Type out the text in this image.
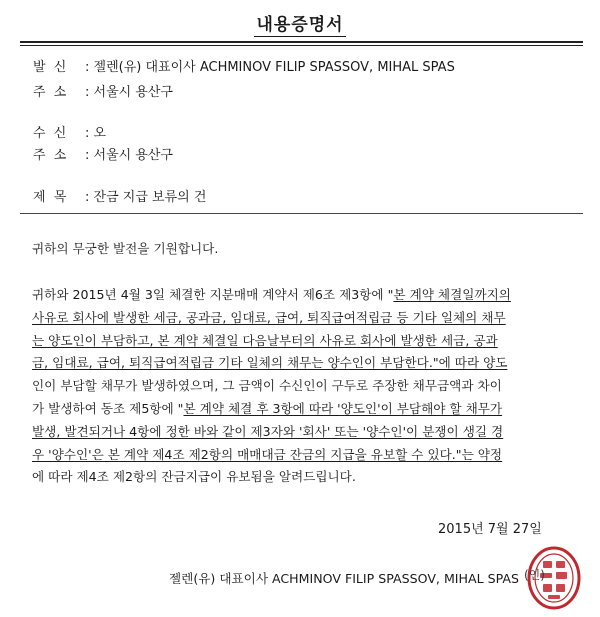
내용증명서
발 신 : 젤렌(유) 대표이사 ACHMINOV FILIP SPASSOV, MIHAL SPAS
주 소 : 서울시 용산구
수 신 : 오
주 소 : 서울시 용산구
제 목 : 잔금 지급 보류의 건
귀하의 무궁한 발전을 기원합니다.
귀하와 2015년 4월 3일 체결한 지분매매 계약서 제6조 제3항에 "본 계약 체결일까지의
사유로 회사에 발생한 세금, 공과금, 임대료, 급여, 퇴직급여적립금 등 기타 일체의 채무
는 양도인이 부담하고, 본 계약 체결일 다음날부터의 사유로 회사에 발생한 세금, 공과
금, 임대료, 급여, 퇴직급여적립금 기타 일체의 채무는 양수인이 부담한다."에 따라 양도
인이 부담할 채무가 발생하였으며, 그 금액이 수신인이 구두로 주장한 채무금액과 차이
가 발생하여 동조 제5항에 "본 계약 체결 후 3항에 따라 '양도인'이 부담해야 할 채무가
발생, 발견되거나 4항에 정한 바와 같이 제3자와 '회사' 또는 '양수인'이 분쟁이 생길 경
우 '양수인'은 본 계약 제4조 제2항의 매매대금 잔금의 지급을 유보할 수 있다."는 약정
에 따라 제4조 제2항의 잔금지급이 유보됨을 알려드립니다.
2015년 7월 27일
젤렌(유) 대표이사 ACHMINOV FILIP SPASSOV, MIHAL SPAS (인)
